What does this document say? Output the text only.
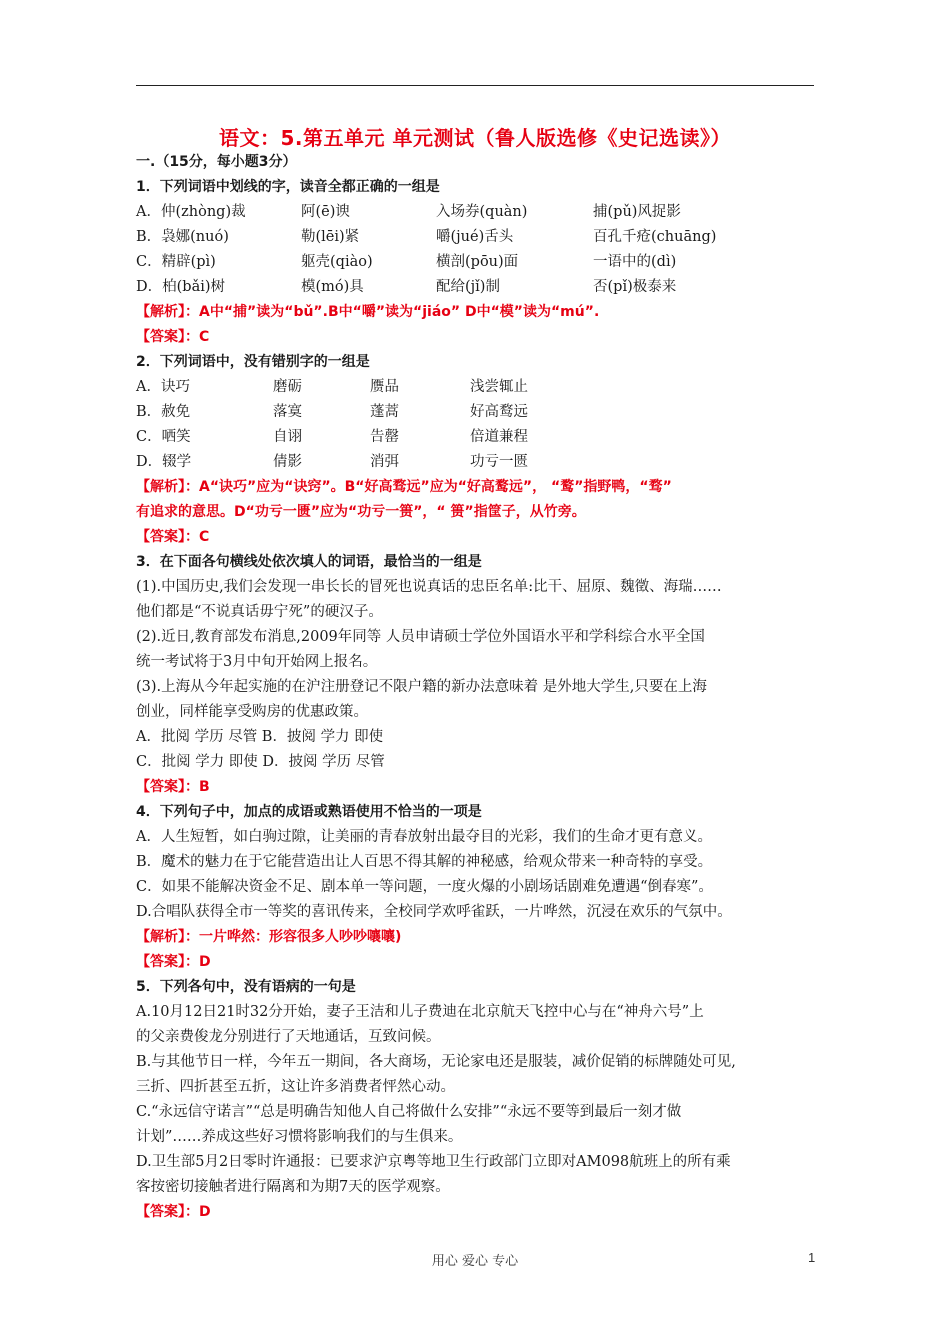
语文：5.第五单元 单元测试（鲁人版选修《史记选读》）
一.（15分，每小题3分）
1．下列词语中划线的字，读音全都正确的一组是
A．仲(zhòng)裁	阿(ē)谀	入场券(quàn)	捕(pǔ)风捉影
B．袅娜(nuó)	勒(lēi)紧	嚼(jué)舌头	百孔千疮(chuāng)
C．精辟(pì)	躯壳(qiào)	横剖(pōu)面	一语中的(dì)
D．柏(bǎi)树	模(mó)具	配给(jǐ)制	否(pǐ)极泰来
【解析】：A中“捕”读为“bǔ”.B中“嚼”读为“jiáo” D中“模”读为“mú”.
【答案】：C
2．下列词语中，没有错别字的一组是
A．诀巧	磨砺	赝品	浅尝辄止
B．赦免	落寞	蓬蒿	好高鹜远
C．哂笑	自诩	告罄	倍道兼程
D．辍学	倩影	消弭	功亏一匮
【解析】：A“诀巧”应为“诀窍”。B“好高骛远”应为“好高鹜远”， “鹜”指野鸭，“骛”
有追求的意思。D“功亏一匮”应为“功亏一篑”，“ 篑”指筐子，从竹旁。
【答案】：C
3．在下面各句横线处依次填人的词语，最恰当的一组是
(1).中国历史,我们会发现一串长长的冒死也说真话的忠臣名单:比干、屈原、魏徵、海瑞……
他们都是“不说真话毋宁死”的硬汉子。
(2).近日,教育部发布消息,2009年同等 人员申请硕士学位外国语水平和学科综合水平全国
统一考试将于3月中旬开始网上报名。
(3).上海从今年起实施的在沪注册登记不限户籍的新办法意味着 是外地大学生,只要在上海
创业，同样能享受购房的优惠政策。
A．批阅 学历 尽管 B．披阅 学力 即使
C．批阅 学力 即使 D．披阅 学历 尽管
【答案】：B
4．下列句子中，加点的成语或熟语使用不恰当的一项是
A．人生短暂，如白驹过隙，让美丽的青春放射出最夺目的光彩，我们的生命才更有意义。
B．魔术的魅力在于它能营造出让人百思不得其解的神秘感，给观众带来一种奇特的享受。
C．如果不能解决资金不足、剧本单一等问题，一度火爆的小剧场话剧难免遭遇“倒春寒”。
D.合唱队获得全市一等奖的喜讯传来，全校同学欢呼雀跃，一片哗然，沉浸在欢乐的气氛中。
【解析】：一片哗然：形容很多人吵吵嚷嚷)
【答案】：D
5．下列各句中，没有语病的一句是
A.10月12日21时32分开始，妻子王洁和儿子费迪在北京航天飞控中心与在“神舟六号”上
的父亲费俊龙分别进行了天地通话，互致问候。
B.与其他节日一样，今年五一期间，各大商场，无论家电还是服装，减价促销的标牌随处可见,
三折、四折甚至五折，这让许多消费者怦然心动。
C.“永远信守诺言”“总是明确告知他人自己将做什么安排”“永远不要等到最后一刻才做
计划”……养成这些好习惯将影响我们的与生俱来。
D.卫生部5月2日零时许通报：已要求沪京粤等地卫生行政部门立即对AM098航班上的所有乘
客按密切接触者进行隔离和为期7天的医学观察。
【答案】：D
用心 爱心 专心	1
